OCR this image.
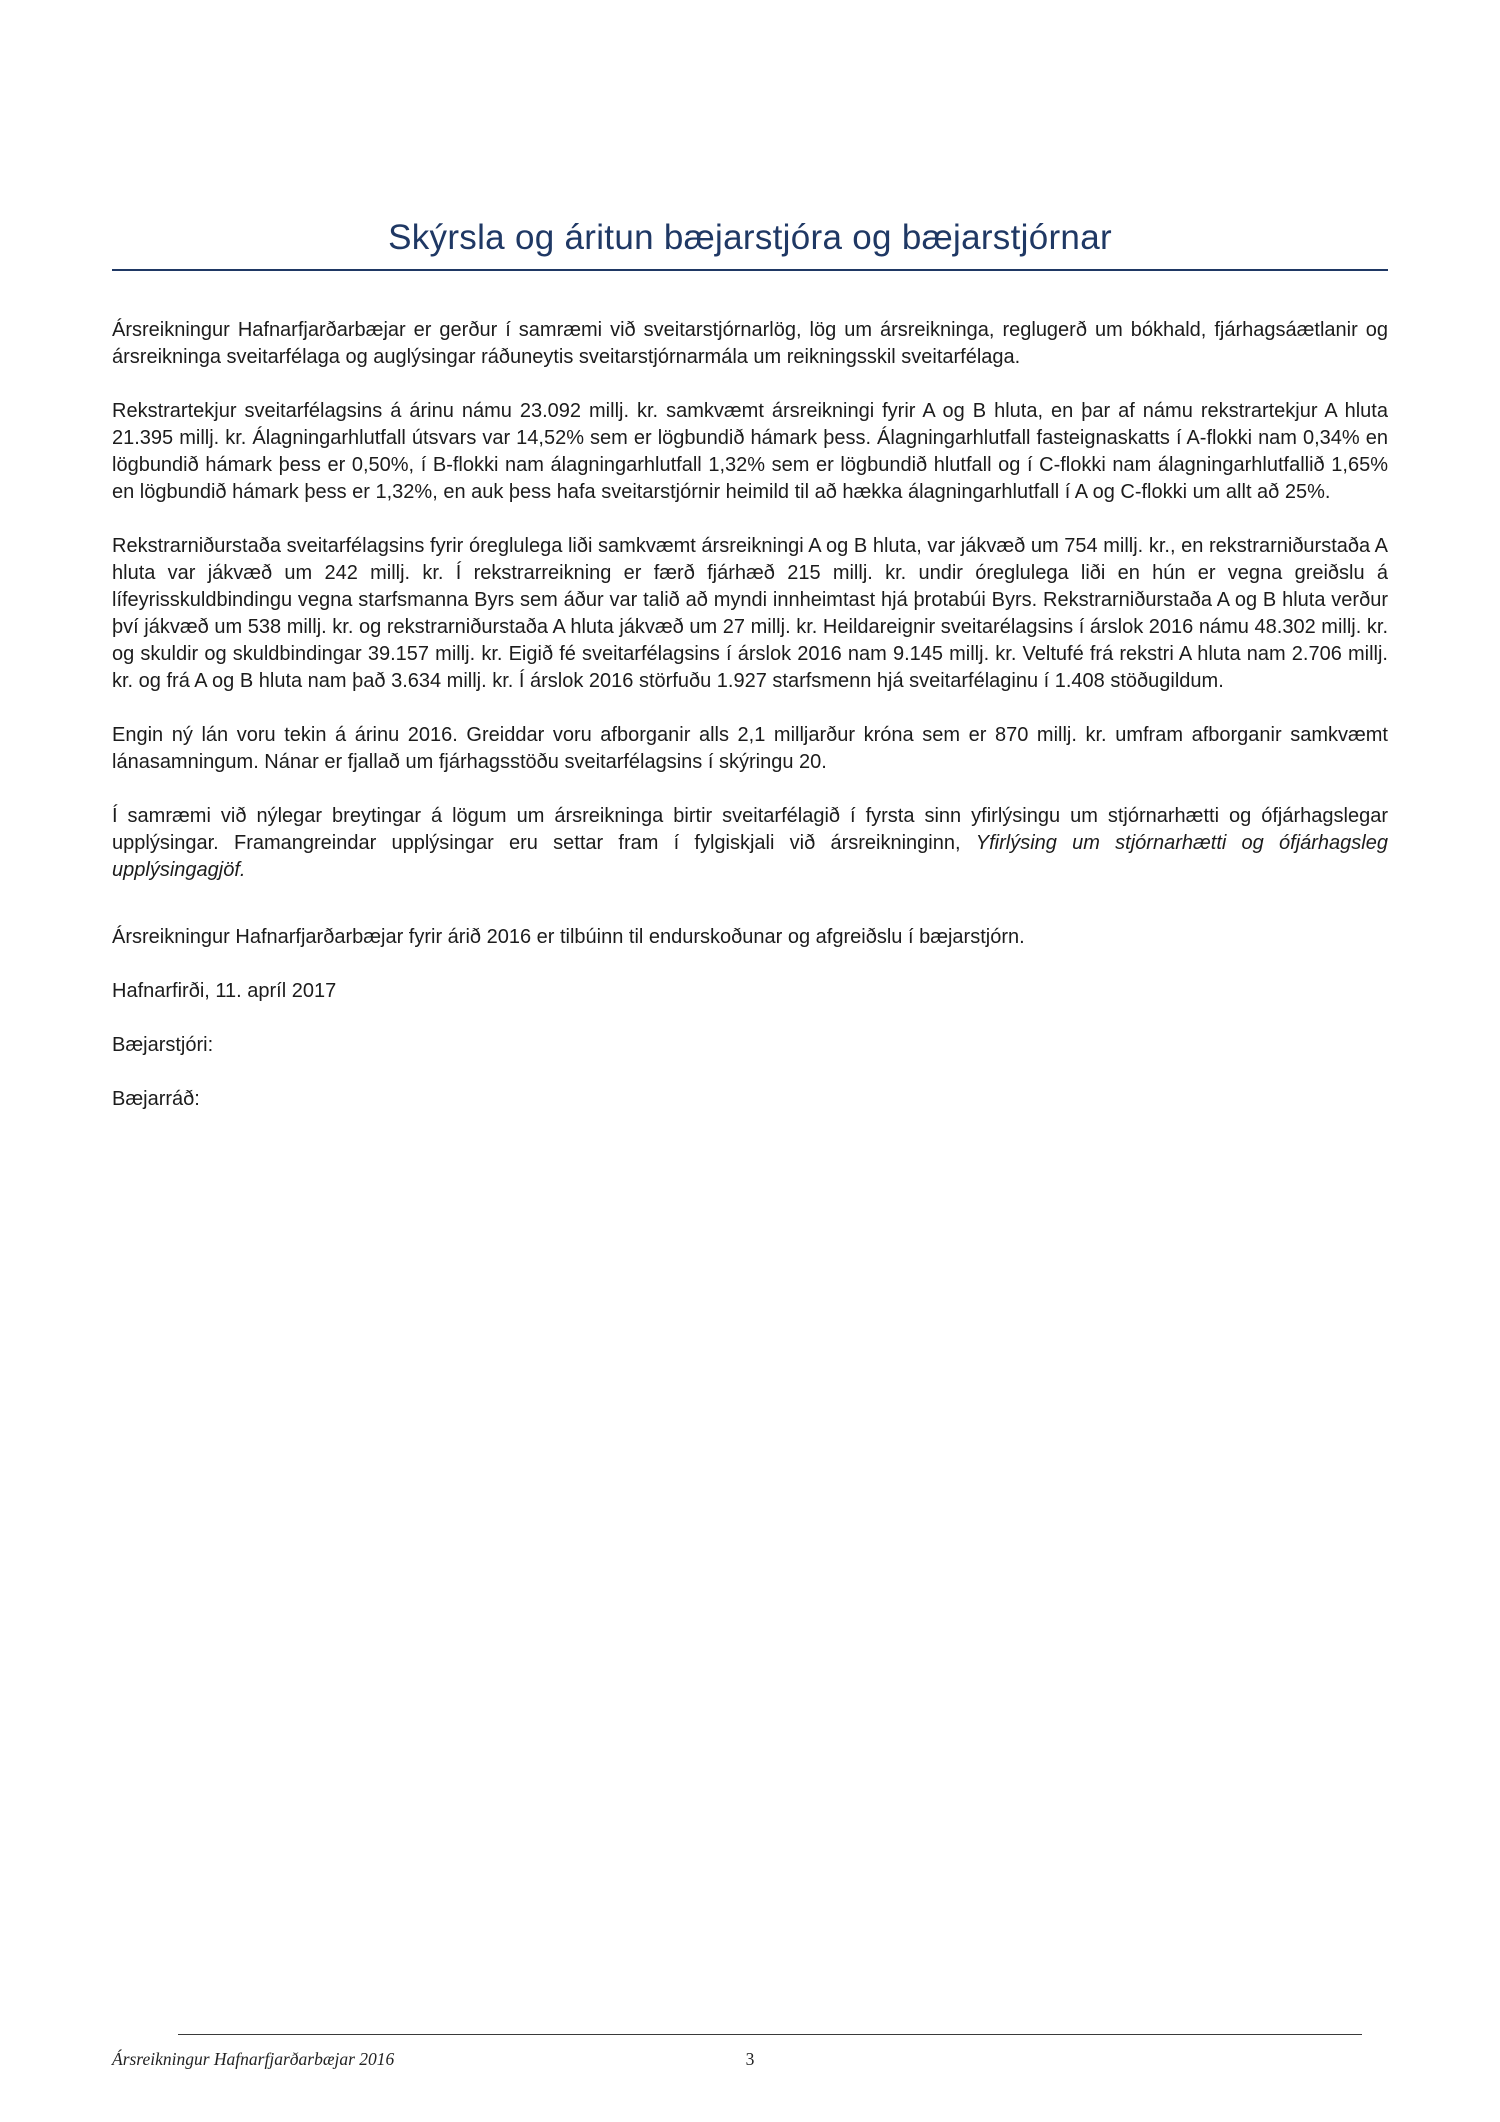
Skýrsla og áritun bæjarstjóra og bæjarstjórnar

Ársreikningur Hafnarfjarðarbæjar er gerður í samræmi við sveitarstjórnarlög, lög um ársreikninga, reglugerð um bókhald, fjárhagsáætlanir og ársreikninga sveitarfélaga og auglýsingar ráðuneytis sveitarstjórnarmála um reikningsskil sveitarfélaga.

Rekstrartekjur sveitarfélagsins á árinu námu 23.092 millj. kr. samkvæmt ársreikningi fyrir A og B hluta, en þar af námu rekstrartekjur A hluta 21.395 millj. kr. Álagningarhlutfall útsvars var 14,52% sem er lögbundið hámark þess. Álagningarhlutfall fasteignaskatts í A-flokki nam 0,34% en lögbundið hámark þess er 0,50%, í B-flokki nam álagningarhlutfall 1,32% sem er lögbundið hlutfall og í C-flokki nam álagningarhlutfallið 1,65% en lögbundið hámark þess er 1,32%, en auk þess hafa sveitarstjórnir heimild til að hækka álagningarhlutfall í A og C-flokki um allt að 25%.

Rekstrarniðurstaða sveitarfélagsins fyrir óreglulega liði samkvæmt ársreikningi A og B hluta, var jákvæð um 754 millj. kr., en rekstrarniðurstaða A hluta var jákvæð um 242 millj. kr. Í rekstrarreikning er færð fjárhæð 215 millj. kr. undir óreglulega liði en hún er vegna greiðslu á lífeyrisskuldbindingu vegna starfsmanna Byrs sem áður var talið að myndi innheimtast hjá þrotabúi Byrs. Rekstrarniðurstaða A og B hluta verður því jákvæð um 538 millj. kr. og rekstrarniðurstaða A hluta jákvæð um 27 millj. kr. Heildareignir sveitarélagsins í árslok 2016 námu 48.302 millj. kr. og skuldir og skuldbindingar 39.157 millj. kr. Eigið fé sveitarfélagsins í árslok 2016 nam 9.145 millj. kr. Veltufé frá rekstri A hluta nam 2.706 millj. kr. og frá A og B hluta nam það 3.634 millj. kr. Í árslok 2016 störfuðu 1.927 starfsmenn hjá sveitarfélaginu í 1.408 stöðugildum.

Engin ný lán voru tekin á árinu 2016. Greiddar voru afborganir alls 2,1 milljarður króna sem er 870 millj. kr. umfram afborganir samkvæmt lánasamningum. Nánar er fjallað um fjárhagsstöðu sveitarfélagsins í skýringu 20.

Í samræmi við nýlegar breytingar á lögum um ársreikninga birtir sveitarfélagið í fyrsta sinn yfirlýsingu um stjórnarhætti og ófjárhagslegar upplýsingar. Framangreindar upplýsingar eru settar fram í fylgiskjali við ársreikninginn, Yfirlýsing um stjórnarhætti og ófjárhagsleg upplýsingagjöf.

Ársreikningur Hafnarfjarðarbæjar fyrir árið 2016 er tilbúinn til endurskoðunar og afgreiðslu í bæjarstjórn.

Hafnarfirði, 11. apríl 2017

Bæjarstjóri:

Bæjarráð:

Ársreikningur Hafnarfjarðarbæjar 2016	3
